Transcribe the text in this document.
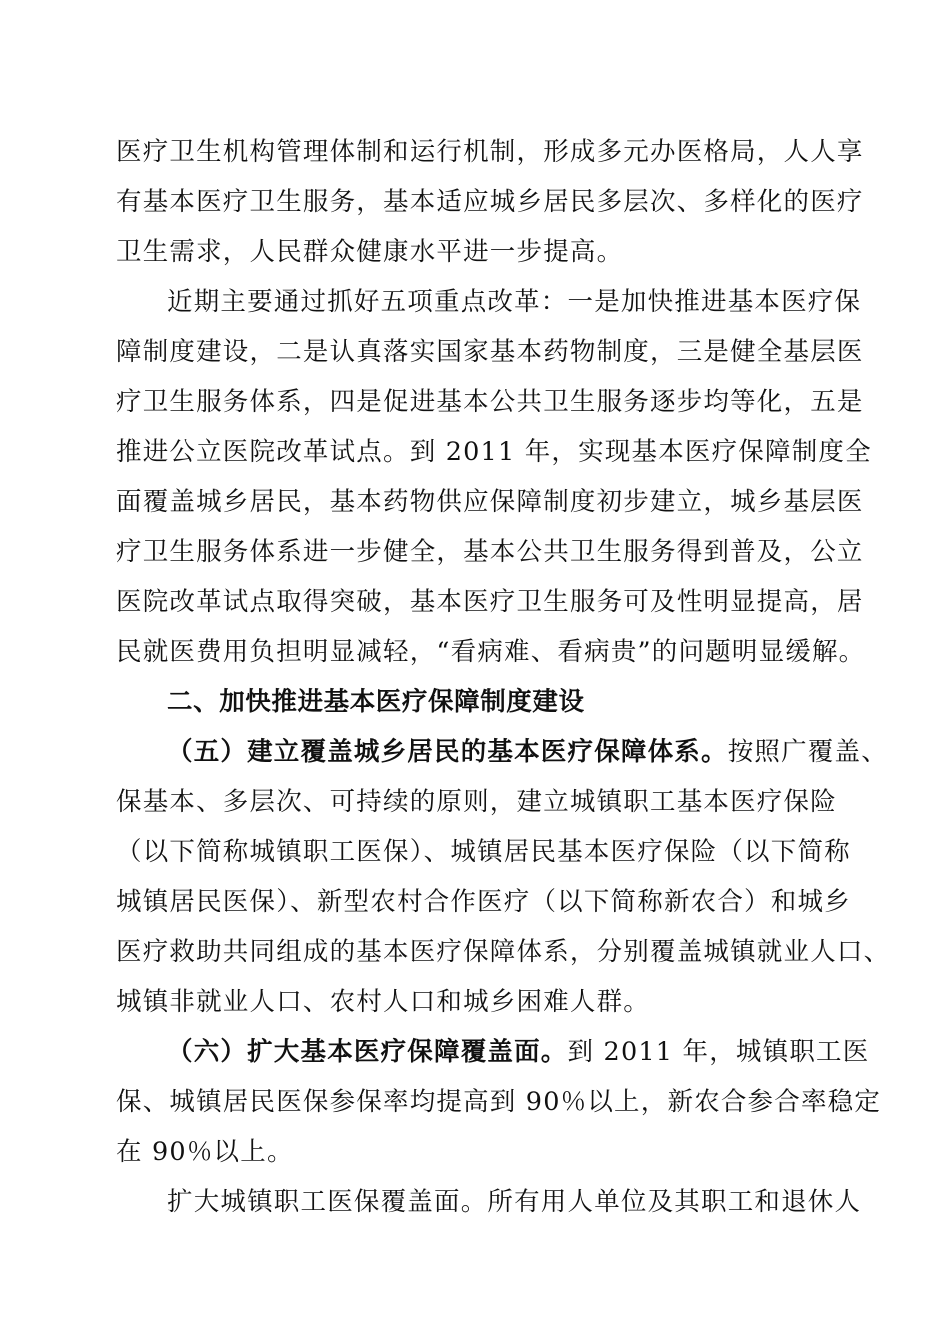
医疗卫生机构管理体制和运行机制，形成多元办医格局，人人享
有基本医疗卫生服务，基本适应城乡居民多层次、多样化的医疗
卫生需求，人民群众健康水平进一步提高。
近期主要通过抓好五项重点改革：一是加快推进基本医疗保
障制度建设，二是认真落实国家基本药物制度，三是健全基层医
疗卫生服务体系，四是促进基本公共卫生服务逐步均等化，五是
推进公立医院改革试点。到 2011 年，实现基本医疗保障制度全
面覆盖城乡居民，基本药物供应保障制度初步建立，城乡基层医
疗卫生服务体系进一步健全，基本公共卫生服务得到普及，公立
医院改革试点取得突破，基本医疗卫生服务可及性明显提高，居
民就医费用负担明显减轻，“看病难、看病贵”的问题明显缓解。
二、加快推进基本医疗保障制度建设
（五）建立覆盖城乡居民的基本医疗保障体系。按照广覆盖、
保基本、多层次、可持续的原则，建立城镇职工基本医疗保险
（以下简称城镇职工医保）、城镇居民基本医疗保险（以下简称
城镇居民医保）、新型农村合作医疗（以下简称新农合）和城乡
医疗救助共同组成的基本医疗保障体系，分别覆盖城镇就业人口、
城镇非就业人口、农村人口和城乡困难人群。
（六）扩大基本医疗保障覆盖面。到 2011 年，城镇职工医
保、城镇居民医保参保率均提高到 90％以上，新农合参合率稳定
在 90％以上。
扩大城镇职工医保覆盖面。所有用人单位及其职工和退休人
